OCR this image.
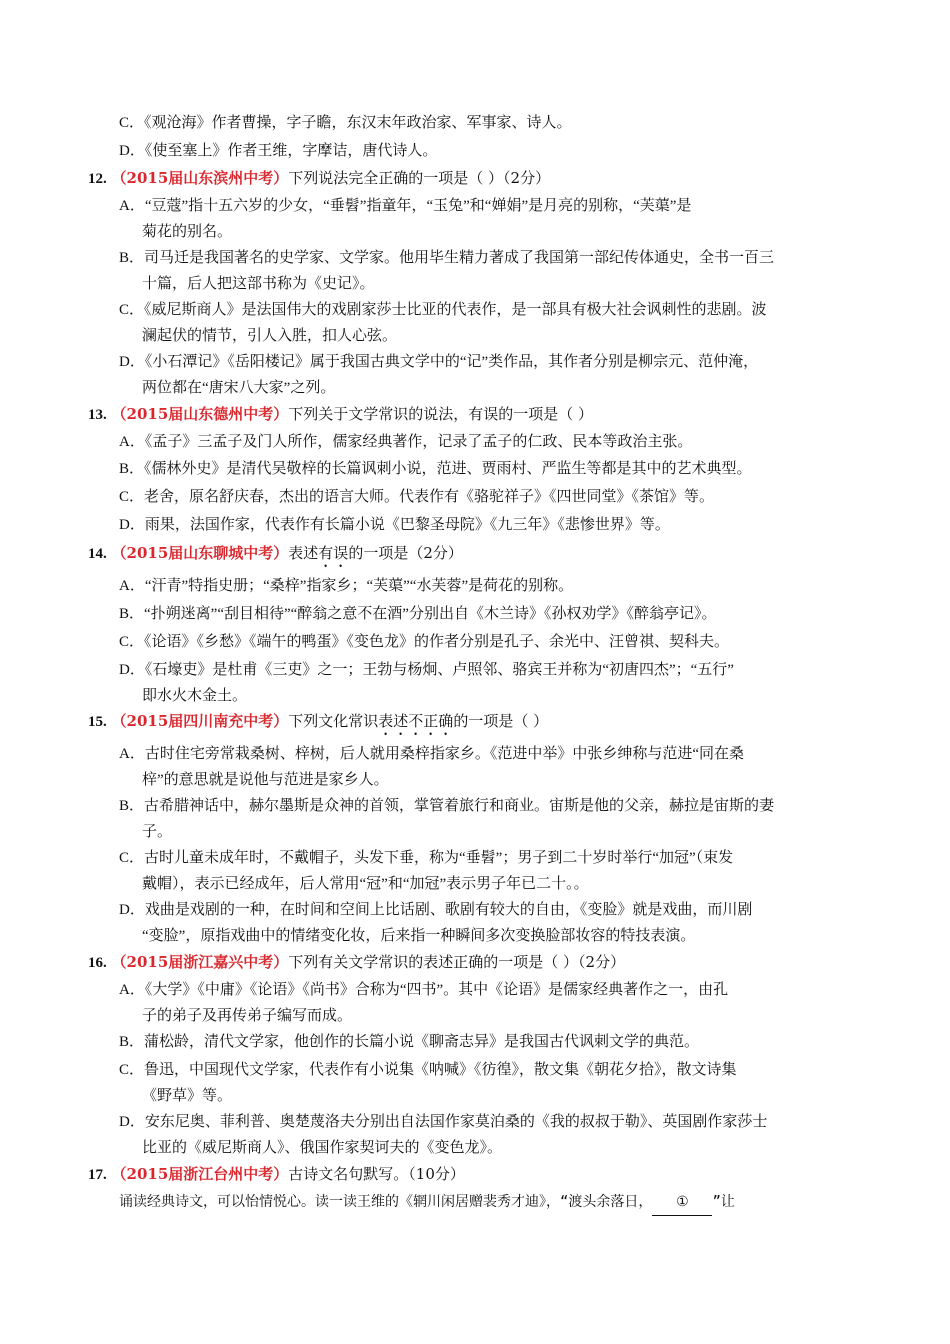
C．《观沧海》作者曹操，字子瞻，东汉末年政治家、军事家、诗人。
D．《使至塞上》作者王维，字摩诘，唐代诗人。
12. （2015届山东滨州中考）下列说法完全正确的一项是（ ）（2分）
A．“豆蔻”指十五六岁的少女，“垂髫”指童年，“玉兔”和“婵娟”是月亮的别称，“芙蕖”是
菊花的别名。
B．司马迁是我国著名的史学家、文学家。他用毕生精力著成了我国第一部纪传体通史，全书一百三
十篇，后人把这部书称为《史记》。
C．《威尼斯商人》是法国伟大的戏剧家莎士比亚的代表作，是一部具有极大社会讽刺性的悲剧。波
澜起伏的情节，引人入胜，扣人心弦。
D．《小石潭记》《岳阳楼记》属于我国古典文学中的“记”类作品，其作者分别是柳宗元、范仲淹，
两位都在“唐宋八大家”之列。
13. （2015届山东德州中考）下列关于文学常识的说法，有误的一项是（ ）
A．《孟子》三孟子及门人所作，儒家经典著作，记录了孟子的仁政、民本等政治主张。
B．《儒林外史》是清代吴敬梓的长篇讽刺小说，范进、贾雨村、严监生等都是其中的艺术典型。
C．老舍，原名舒庆春，杰出的语言大师。代表作有《骆驼祥子》《四世同堂》《茶馆》等。
D．雨果，法国作家，代表作有长篇小说《巴黎圣母院》《九三年》《悲惨世界》等。
14. （2015届山东聊城中考）表述有误的一项是（2分）
A．“汗青”特指史册；“桑梓”指家乡；“芙蕖”“水芙蓉”是荷花的别称。
B．“扑朔迷离”“刮目相待”“醉翁之意不在酒”分别出自《木兰诗》《孙权劝学》《醉翁亭记》。
C．《论语》《乡愁》《端午的鸭蛋》《变色龙》的作者分别是孔子、余光中、汪曾祺、契科夫。
D．《石壕吏》是杜甫《三吏》之一；王勃与杨炯、卢照邻、骆宾王并称为“初唐四杰”；“五行”
即水火木金土。
15. （2015届四川南充中考）下列文化常识表述不正确的一项是（ ）
A．古时住宅旁常栽桑树、梓树，后人就用桑梓指家乡。《范进中举》中张乡绅称与范进“同在桑
梓”的意思就是说他与范进是家乡人。
B．古希腊神话中，赫尔墨斯是众神的首领，掌管着旅行和商业。宙斯是他的父亲，赫拉是宙斯的妻
子。
C．古时儿童未成年时，不戴帽子，头发下垂，称为“垂髫”；男子到二十岁时举行“加冠”（束发
戴帽），表示已经成年，后人常用“冠”和“加冠”表示男子年已二十。。
D．戏曲是戏剧的一种，在时间和空间上比话剧、歌剧有较大的自由，《变脸》就是戏曲，而川剧
“变脸”，原指戏曲中的情绪变化妆，后来指一种瞬间多次变换脸部妆容的特技表演。
16. （2015届浙江嘉兴中考）下列有关文学常识的表述正确的一项是（ ）（2分）
A．《大学》《中庸》《论语》《尚书》合称为“四书”。其中《论语》是儒家经典著作之一，由孔
子的弟子及再传弟子编写而成。
B．蒲松龄，清代文学家，他创作的长篇小说《聊斋志异》是我国古代讽刺文学的典范。
C．鲁迅，中国现代文学家，代表作有小说集《呐喊》《彷徨》，散文集《朝花夕拾》，散文诗集
《野草》等。
D．安东尼奥、菲利普、奥楚蔑洛夫分别出自法国作家莫泊桑的《我的叔叔于勒》、英国剧作家莎士
比亚的《威尼斯商人》、俄国作家契诃夫的《变色龙》。
17. （2015届浙江台州中考）古诗文名句默写。（10分）
诵读经典诗文，可以怡情悦心。读一读王维的《辋川闲居赠裴秀才迪》，“渡头余落日， ① ”让
